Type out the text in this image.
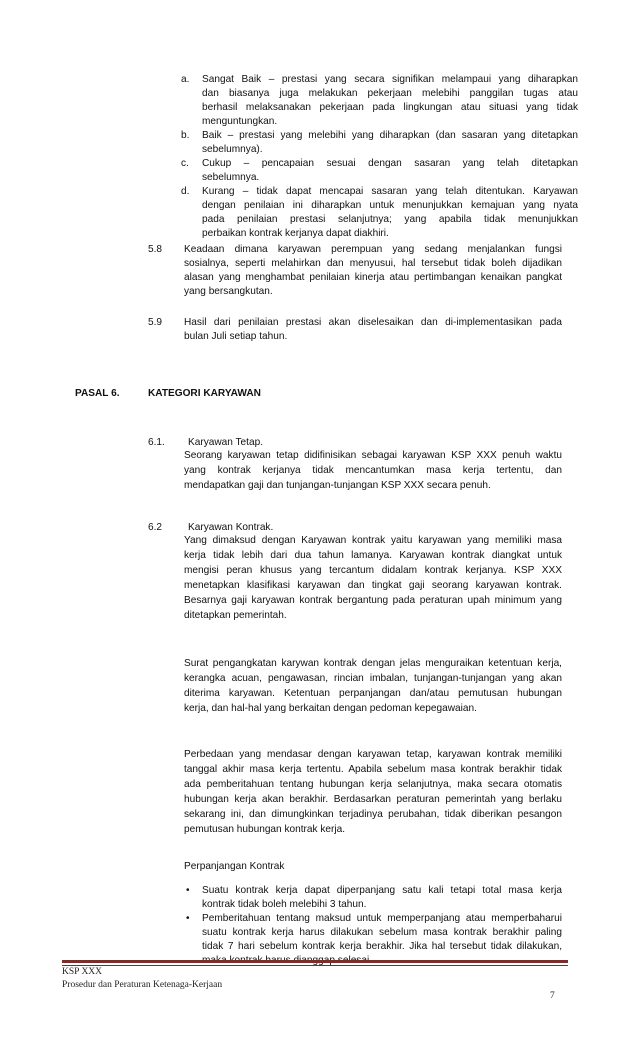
a. Sangat Baik – prestasi yang secara signifikan melampaui yang diharapkan
dan biasanya juga melakukan pekerjaan melebihi panggilan tugas atau
berhasil melaksanakan pekerjaan pada lingkungan atau situasi yang tidak
menguntungkan.
b. Baik – prestasi yang melebihi yang diharapkan (dan sasaran yang ditetapkan
sebelumnya).
c. Cukup – pencapaian sesuai dengan sasaran yang telah ditetapkan
sebelumnya.
d. Kurang – tidak dapat mencapai sasaran yang telah ditentukan. Karyawan
dengan penilaian ini diharapkan untuk menunjukkan kemajuan yang nyata
pada penilaian prestasi selanjutnya; yang apabila tidak menunjukkan
perbaikan kontrak kerjanya dapat diakhiri.
5.8 Keadaan dimana karyawan perempuan yang sedang menjalankan fungsi
sosialnya, seperti melahirkan dan menyusui, hal tersebut tidak boleh dijadikan
alasan yang menghambat penilaian kinerja atau pertimbangan kenaikan pangkat
yang bersangkutan.
5.9 Hasil dari penilaian prestasi akan diselesaikan dan di-implementasikan pada
bulan Juli setiap tahun.
PASAL 6.	KATEGORI KARYAWAN
6.1. Karyawan Tetap.
Seorang karyawan tetap didifinisikan sebagai karyawan KSP XXX penuh waktu
yang kontrak kerjanya tidak mencantumkan masa kerja tertentu, dan
mendapatkan gaji dan tunjangan-tunjangan KSP XXX secara penuh.
6.2	Karyawan Kontrak.
Yang dimaksud dengan Karyawan kontrak yaitu karyawan yang memiliki masa
kerja tidak lebih dari dua tahun lamanya. Karyawan kontrak diangkat untuk
mengisi peran khusus yang tercantum didalam kontrak kerjanya. KSP XXX
menetapkan klasifikasi karyawan dan tingkat gaji seorang karyawan kontrak.
Besarnya gaji karyawan kontrak bergantung pada peraturan upah minimum yang
ditetapkan pemerintah.
Surat pengangkatan karywan kontrak dengan jelas menguraikan ketentuan kerja,
kerangka acuan, pengawasan, rincian imbalan, tunjangan-tunjangan yang akan
diterima karyawan. Ketentuan perpanjangan dan/atau pemutusan hubungan
kerja, dan hal-hal yang berkaitan dengan pedoman kepegawaian.
Perbedaan yang mendasar dengan karyawan tetap, karyawan kontrak memiliki
tanggal akhir masa kerja tertentu. Apabila sebelum masa kontrak berakhir tidak
ada pemberitahuan tentang hubungan kerja selanjutnya, maka secara otomatis
hubungan kerja akan berakhir. Berdasarkan peraturan pemerintah yang berlaku
sekarang ini, dan dimungkinkan terjadinya perubahan, tidak diberikan pesangon
pemutusan hubungan kontrak kerja.
Perpanjangan Kontrak
• Suatu kontrak kerja dapat diperpanjang satu kali tetapi total masa kerja
kontrak tidak boleh melebihi 3 tahun.
• Pemberitahuan tentang maksud untuk memperpanjang atau memperbaharui
suatu kontrak kerja harus dilakukan sebelum masa kontrak berakhir paling
tidak 7 hari sebelum kontrak kerja berakhir. Jika hal tersebut tidak dilakukan,
KSP XXX
Prosedur dan Peraturan Ketenaga-Kerjaan
7
